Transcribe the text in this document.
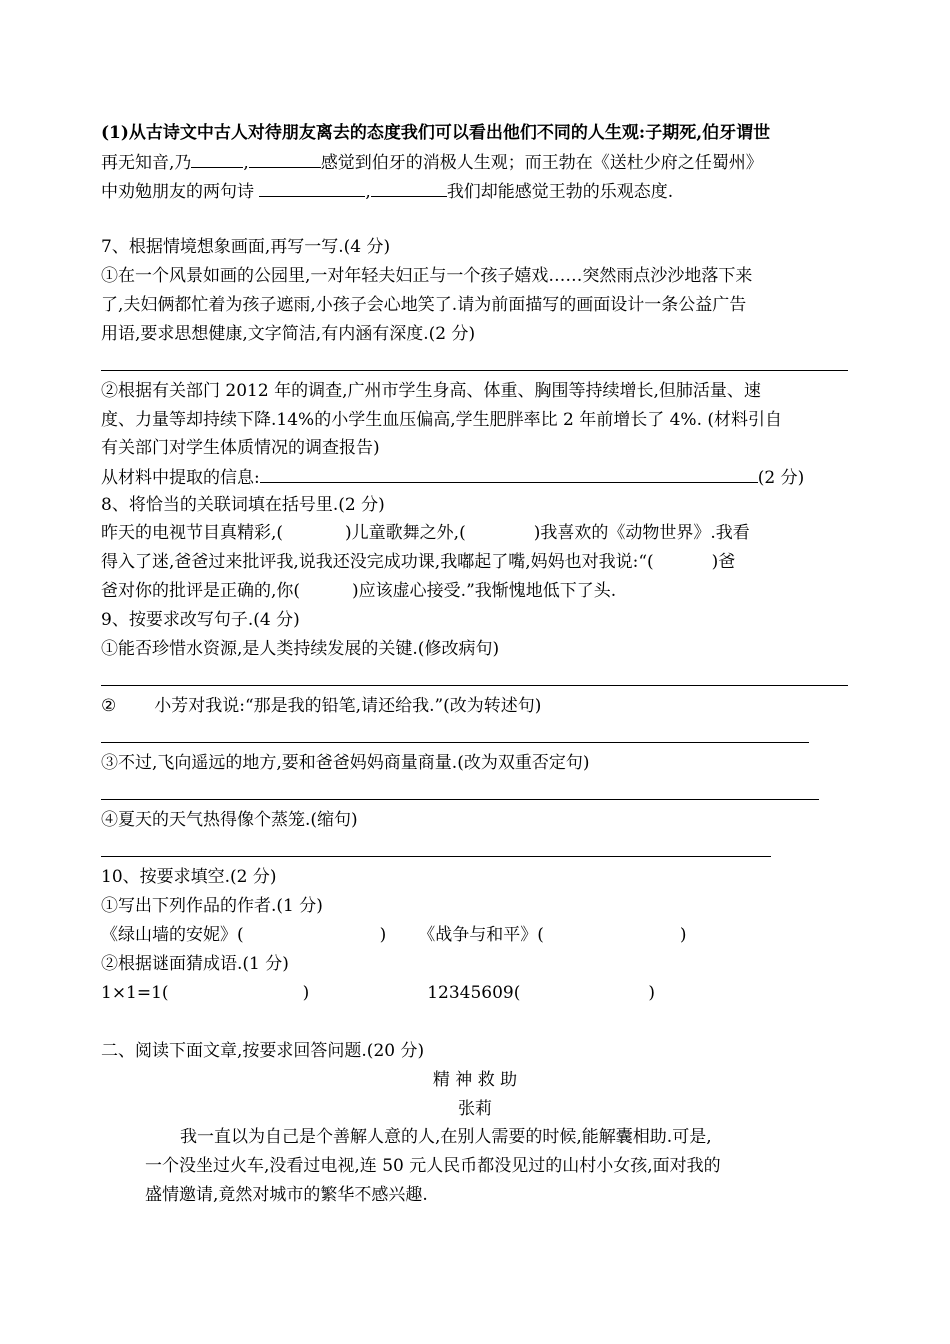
(1)从古诗文中古人对待朋友离去的态度我们可以看出他们不同的人生观:子期死,伯牙谓世
再无知音,乃	,	感觉到伯牙的消极人生观；而王勃在《送杜少府之任蜀州》
中劝勉朋友的两句诗	,	我们却能感觉王勃的乐观态度.
7、根据情境想象画面,再写一写.(4 分)
①在一个风景如画的公园里,一对年轻夫妇正与一个孩子嬉戏……突然雨点沙沙地落下来
了,夫妇俩都忙着为孩子遮雨,小孩子会心地笑了.请为前面描写的画面设计一条公益广告
用语,要求思想健康,文字简洁,有内涵有深度.(2 分)
②根据有关部门 2012 年的调查,广州市学生身高、体重、胸围等持续增长,但肺活量、速
度、力量等却持续下降.14%的小学生血压偏高,学生肥胖率比 2 年前增长了 4%. (材料引自
有关部门对学生体质情况的调查报告)
从材料中提取的信息:	(2 分)
8、将恰当的关联词填在括号里.(2 分)
昨天的电视节目真精彩,(	)儿童歌舞之外,(	)我喜欢的《动物世界》.我看
得入了迷,爸爸过来批评我,说我还没完成功课,我嘟起了嘴,妈妈也对我说:“(	)爸
爸对你的批评是正确的,你(	)应该虚心接受.”我惭愧地低下了头.
9、按要求改写句子.(4 分)
①能否珍惜水资源,是人类持续发展的关键.(修改病句)
② 小芳对我说:“那是我的铅笔,请还给我.”(改为转述句)
③不过,飞向遥远的地方,要和爸爸妈妈商量商量.(改为双重否定句)
④夏天的天气热得像个蒸笼.(缩句)
10、按要求填空.(2 分)
①写出下列作品的作者.(1 分)
《绿山墙的安妮》(	) 《战争与和平》(	)
②根据谜面猜成语.(1 分)
1×1=1(	)	12345609(	)
二、阅读下面文章,按要求回答问题.(20 分)
精 神 救 助
张莉
我一直以为自己是个善解人意的人,在别人需要的时候,能解囊相助.可是,
一个没坐过火车,没看过电视,连 50 元人民币都没见过的山村小女孩,面对我的
盛情邀请,竟然对城市的繁华不感兴趣.
